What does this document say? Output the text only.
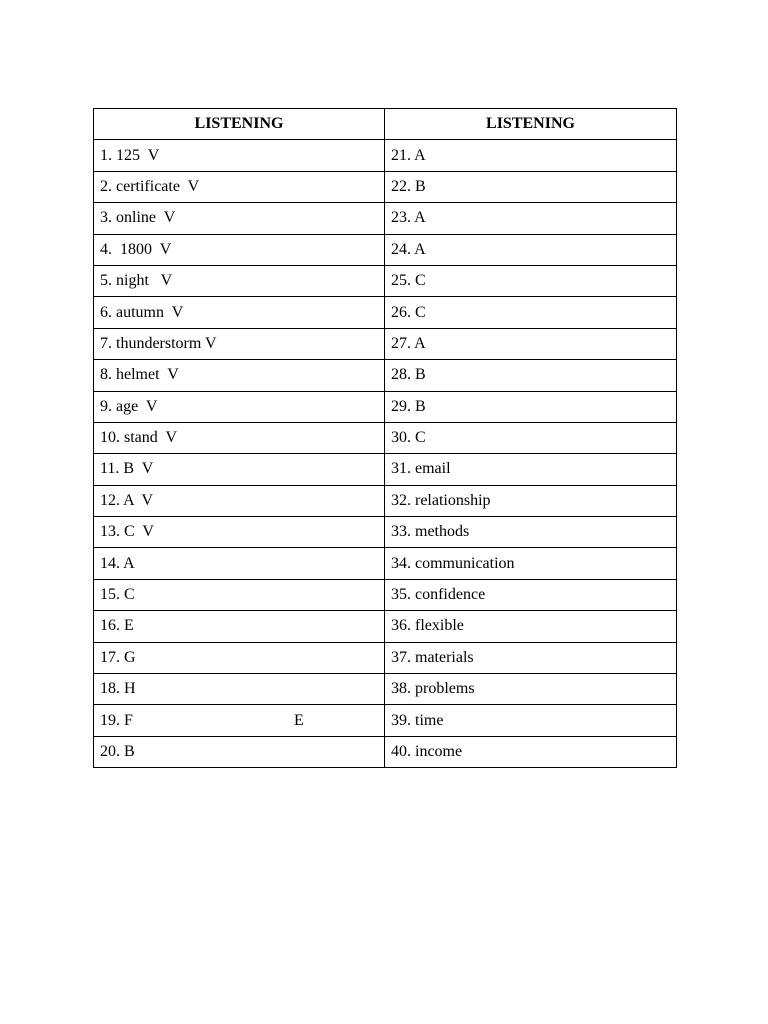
LISTENING	LISTENING

1. 125  V	21. A

2. certificate  V	22. B

3. online  V	23. A

4.  1800  V	24. A

5. night   V	25. C

6. autumn  V	26. C

7. thunderstorm V	27. A

8. helmet  V	28. B

9. age  V	29. B

10. stand  V	30. C

11. B  V	31. email

12. A  V	32. relationship

13. C  V	33. methods

14. A	34. communication

15. C	35. confidence

16. E	36. flexible

17. G	37. materials

18. H	38. problems

19. F E	39. time

20. B	40. income
